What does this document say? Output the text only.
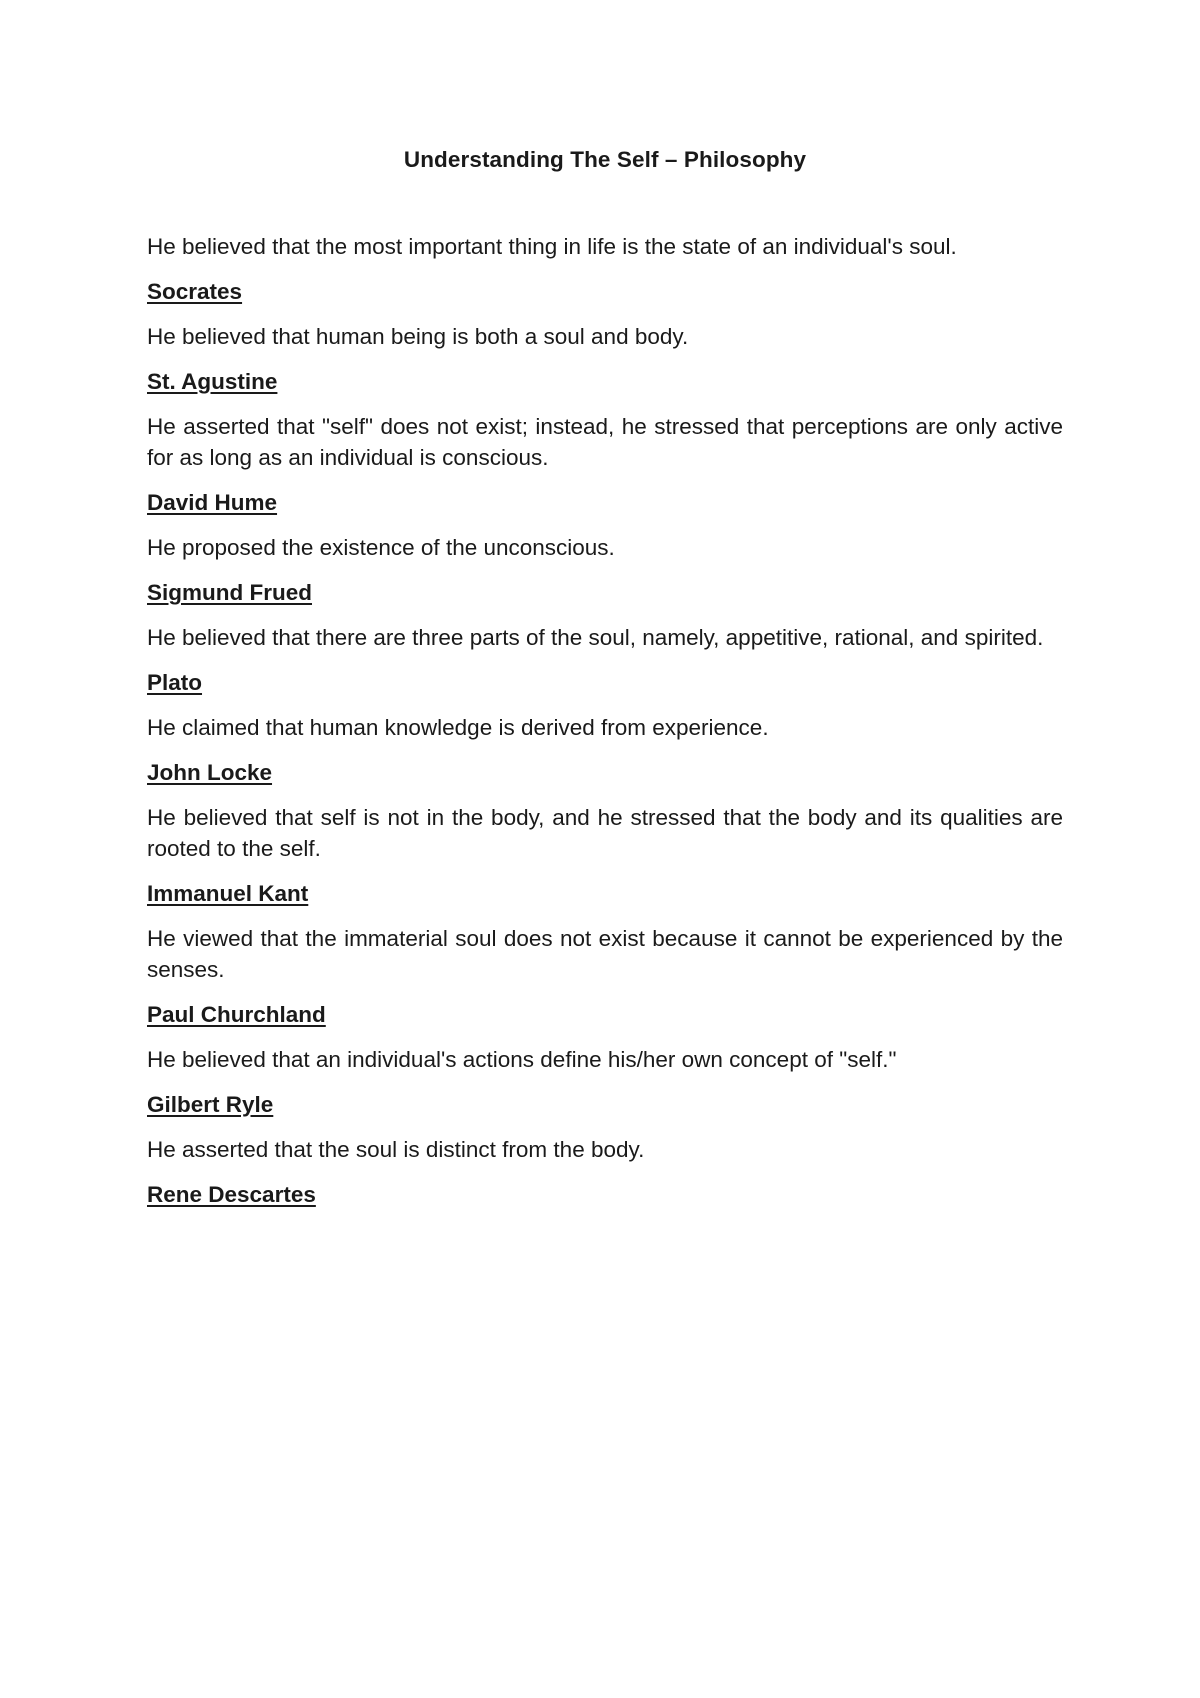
Understanding The Self – Philosophy

He believed that the most important thing in life is the state of an individual's soul.

Socrates

He believed that human being is both a soul and body.

St. Agustine

He asserted that "self" does not exist; instead, he stressed that perceptions are only active for as long as an individual is conscious.

David Hume

He proposed the existence of the unconscious.

Sigmund Frued

He believed that there are three parts of the soul, namely, appetitive, rational, and spirited.

Plato

He claimed that human knowledge is derived from experience.

John Locke

He believed that self is not in the body, and he stressed that the body and its qualities are rooted to the self.

Immanuel Kant

He viewed that the immaterial soul does not exist because it cannot be experienced by the senses.

Paul Churchland

He believed that an individual's actions define his/her own concept of "self."

Gilbert Ryle

He asserted that the soul is distinct from the body.

Rene Descartes
